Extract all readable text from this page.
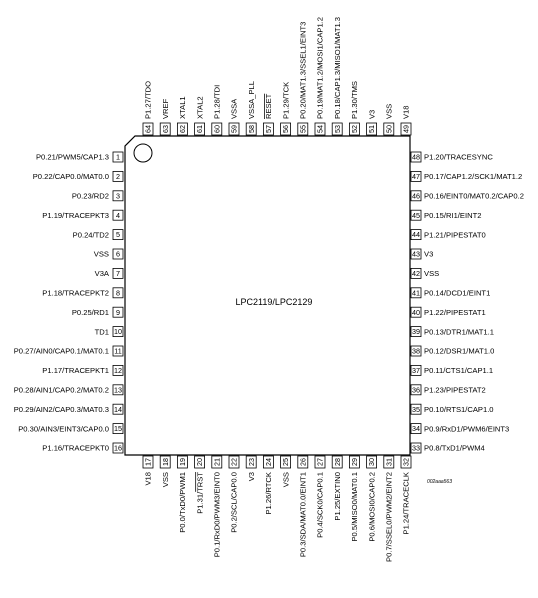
LPC2119/LPC2129
002aaa563
1
P0.21/PWM5/CAP1.3
2
P0.22/CAP0.0/MAT0.0
3
P0.23/RD2
4
P1.19/TRACEPKT3
5
P0.24/TD2
6
VSS
7
V3A
8
P1.18/TRACEPKT2
9
P0.25/RD1
10
TD1
11
P0.27/AIN0/CAP0.1/MAT0.1
12
P1.17/TRACEPKT1
13
P0.28/AIN1/CAP0.2/MAT0.2
14
P0.29/AIN2/CAP0.3/MAT0.3
15
P0.30/AIN3/EINT3/CAP0.0
16
P1.16/TRACEPKT0
48 P1.20/TRACESYNC
47 P0.17/CAP1.2/SCK1/MAT1.2
46 P0.16/EINT0/MAT0.2/CAP0.2
45 P0.15/RI1/EINT2
44 P1.21/PIPESTAT0
43 V3
42 VSS
41 P0.14/DCD1/EINT1
40 P1.22/PIPESTAT1
39 P0.13/DTR1/MAT1.1
38 P0.12/DSR1/MAT1.0
37 P0.11/CTS1/CAP1.1
36 P1.23/PIPESTAT2
35 P0.10/RTS1/CAP1.0
34 P0.9/RxD1/PWM6/EINT3
33 P0.8/TxD1/PWM4
64
P1.27/TDO
63
VREF
62
XTAL1
61
XTAL2
60
P1.28/TDI
59
VSSA
58
VSSA_PLL
57
RESET
56
P1.29/TCK
55
P0.20/MAT1.3/SSEL1/EINT3
54
P0.19/MAT1.2/MOSI1/CAP1.2
53
P0.18/CAP1.3/MISO1/MAT1.3
52
P1.30/TMS
51
V3
50
VSS
49
V18
17
V18
18
VSS
19
P0.0/TxD0/PWM1
20
P1.31/TRST
21
P0.1/RxD0/PWM3/EINT0
22
P0.2/SCL/CAP0.0
23
V3
24
P1.26/RTCK
25
VSS
26
P0.3/SDA/MAT0.0/EINT1
27
P0.4/SCK0/CAP0.1
28
P1.25/EXTIN0
29
P0.5/MISO0/MAT0.1
30
P0.6/MOSI0/CAP0.2
31
P0.7/SSEL0/PWM2/EINT2
32
P1.24/TRACECLK
